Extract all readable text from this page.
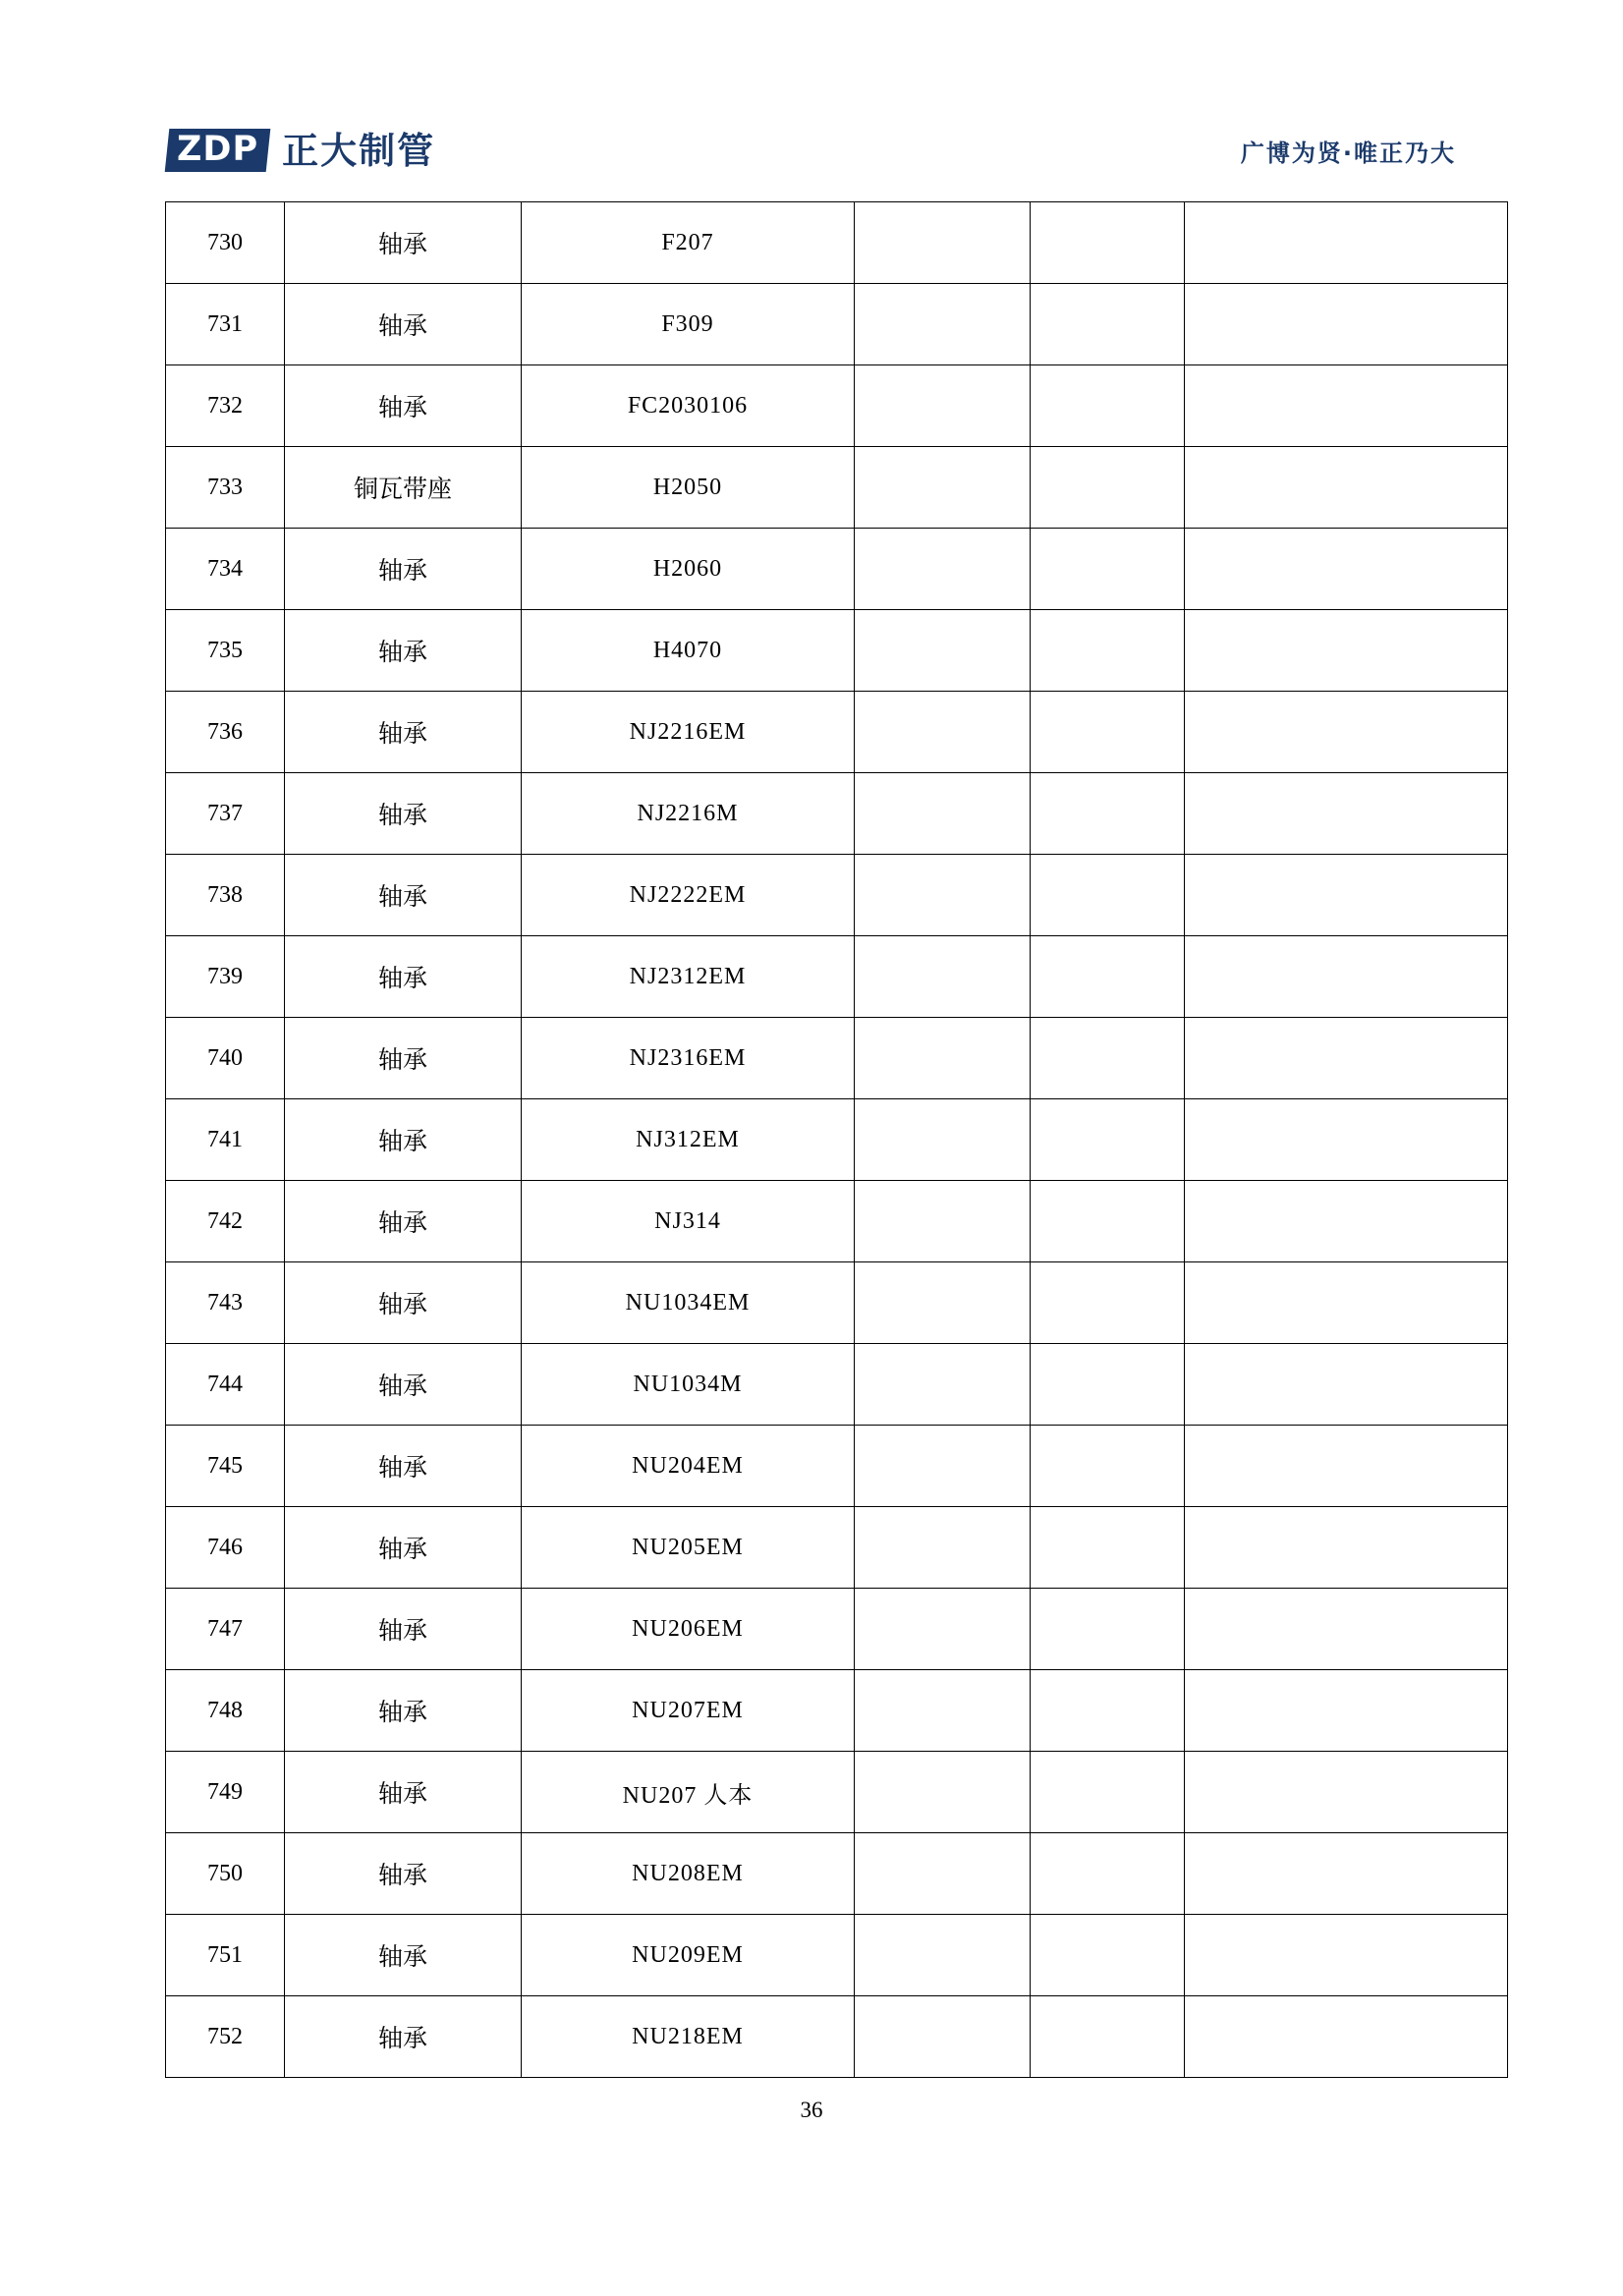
ZDP 正大制管	广博为贤·唯正乃大
730	轴承	F207			
731	轴承	F309			
732	轴承	FC2030106			
733	铜瓦带座	H2050			
734	轴承	H2060			
735	轴承	H4070			
736	轴承	NJ2216EM			
737	轴承	NJ2216M			
738	轴承	NJ2222EM			
739	轴承	NJ2312EM			
740	轴承	NJ2316EM			
741	轴承	NJ312EM			
742	轴承	NJ314			
743	轴承	NU1034EM			
744	轴承	NU1034M			
745	轴承	NU204EM			
746	轴承	NU205EM			
747	轴承	NU206EM			
748	轴承	NU207EM			
749	轴承	NU207 人本			
750	轴承	NU208EM			
751	轴承	NU209EM			
752	轴承	NU218EM			
36
